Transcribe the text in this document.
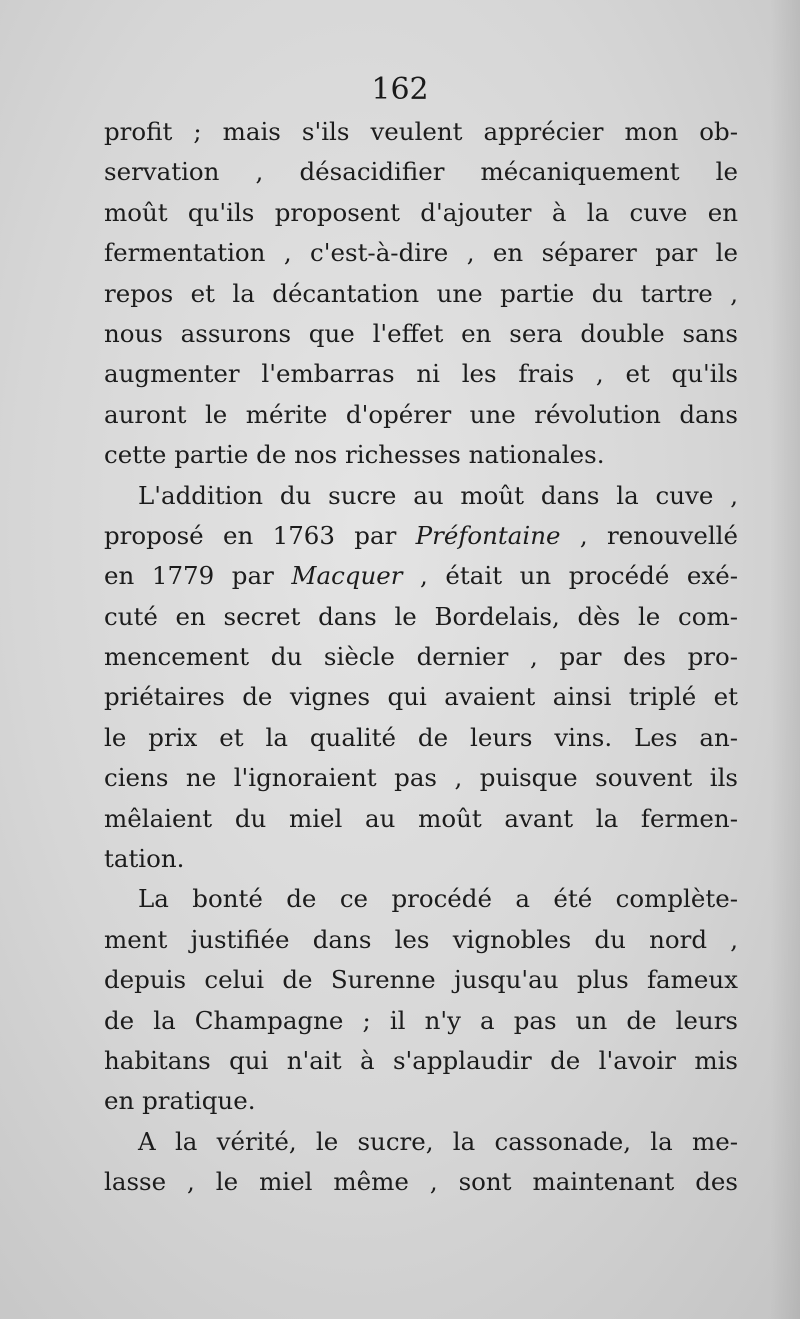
162
profit ; mais s'ils veulent apprécier mon ob-
servation , désacidifier mécaniquement le
moût qu'ils proposent d'ajouter à la cuve en
fermentation , c'est-à-dire , en séparer par le
repos et la décantation une partie du tartre ,
nous assurons que l'effet en sera double sans
augmenter l'embarras ni les frais , et qu'ils
auront le mérite d'opérer une révolution dans
cette partie de nos richesses nationales.
L'addition du sucre au moût dans la cuve ,
proposé en 1763 par Préfontaine , renouvellé
en 1779 par Macquer , était un procédé exé-
cuté en secret dans le Bordelais, dès le com-
mencement du siècle dernier , par des pro-
priétaires de vignes qui avaient ainsi triplé et
le prix et la qualité de leurs vins. Les an-
ciens ne l'ignoraient pas , puisque souvent ils
mêlaient du miel au moût avant la fermen-
tation.
La bonté de ce procédé a été complète-
ment justifiée dans les vignobles du nord ,
depuis celui de Surenne jusqu'au plus fameux
de la Champagne ; il n'y a pas un de leurs
habitans qui n'ait à s'applaudir de l'avoir mis
en pratique.
A la vérité, le sucre, la cassonade, la me-
lasse , le miel même , sont maintenant des
